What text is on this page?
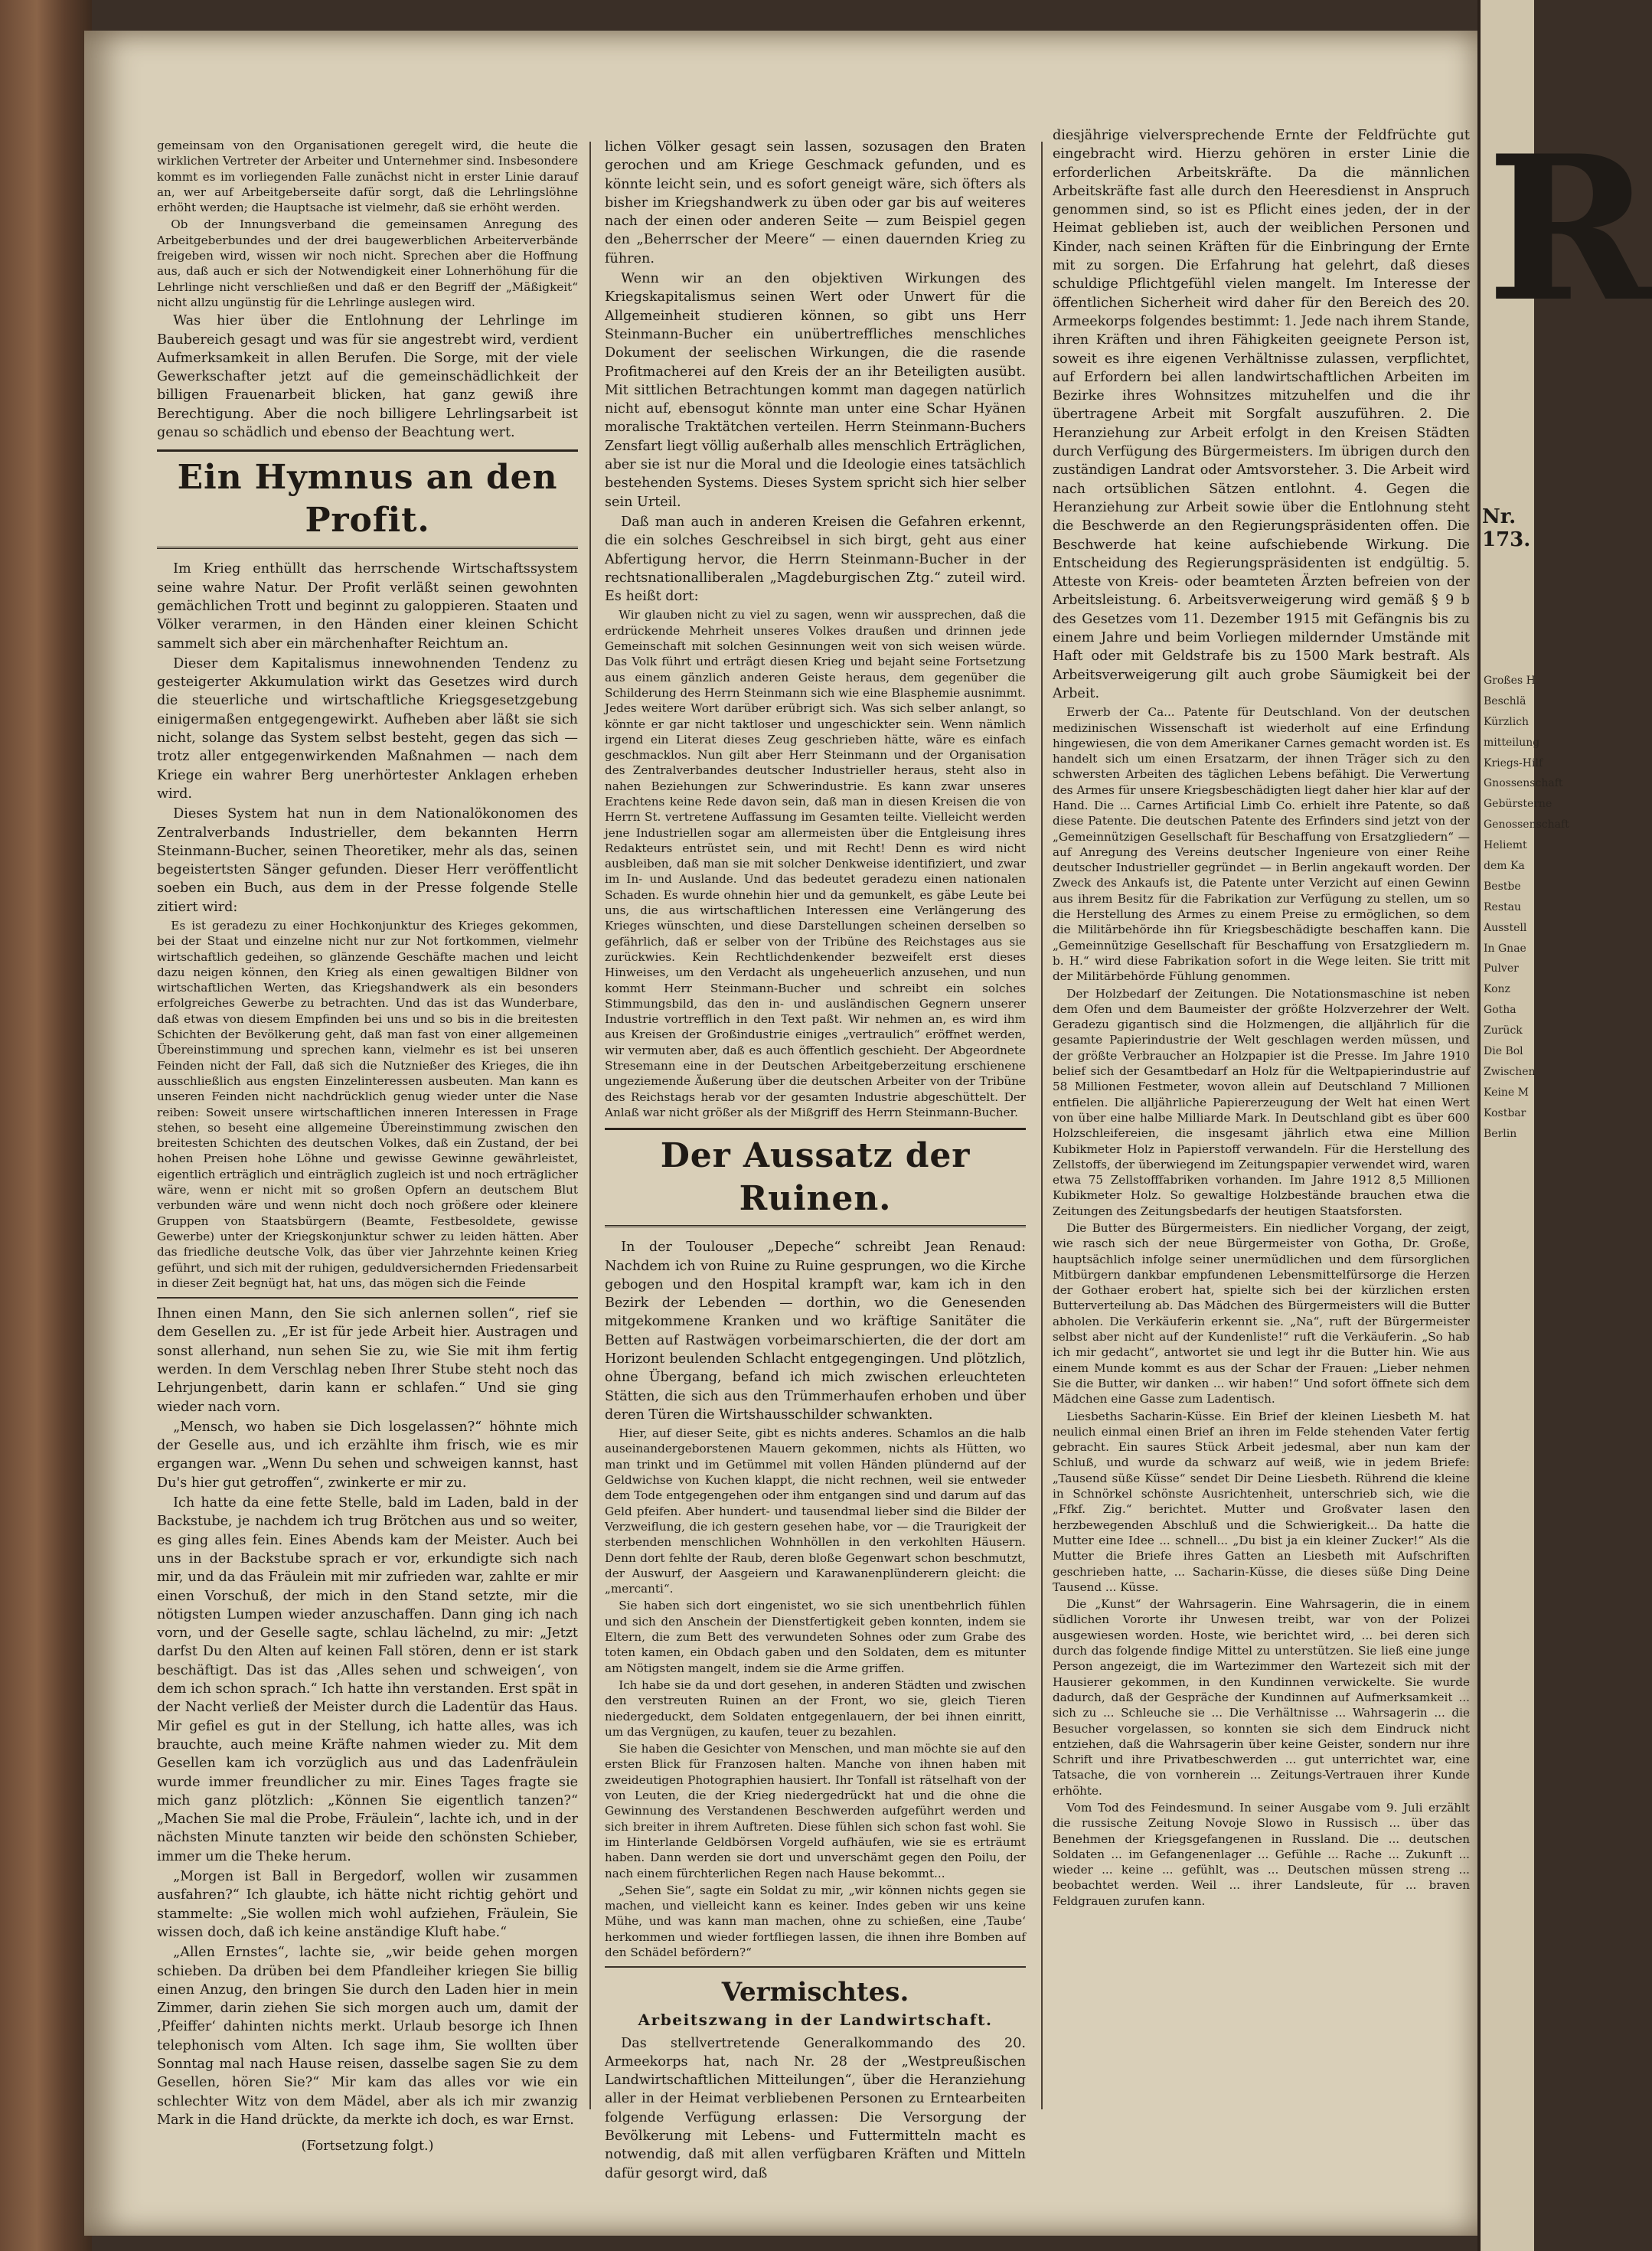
gemeinsam von den Organisationen geregelt wird, die heute die wirklichen Vertreter der Arbeiter und Unternehmer sind. Insbesondere kommt es im vorliegenden Falle zunächst nicht in erster Linie darauf an, wer auf Arbeitgeberseite dafür sorgt, daß die Lehrlingslöhne erhöht werden; die Hauptsache ist vielmehr, daß sie erhöht werden.

Ob der Innungsverband die gemeinsamen Anregung des Arbeitgeberbundes und der drei baugewerblichen Arbeiterverbände freigeben wird, wissen wir noch nicht. Sprechen aber die Hoffnung aus, daß auch er sich der Notwendigkeit einer Lohnerhöhung für die Lehrlinge nicht verschließen und daß er den Begriff der „Mäßigkeit“ nicht allzu ungünstig für die Lehrlinge auslegen wird.

Was hier über die Entlohnung der Lehrlinge im Baubereich gesagt und was für sie angestrebt wird, verdient Aufmerksamkeit in allen Berufen. Die Sorge, mit der viele Gewerkschafter jetzt auf die gemeinschädlichkeit der billigen Frauenarbeit blicken, hat ganz gewiß ihre Berechtigung. Aber die noch billigere Lehrlingsarbeit ist genau so schädlich und ebenso der Beachtung wert.

Ein Hymnus an den Profit.

Im Krieg enthüllt das herrschende Wirtschaftssystem seine wahre Natur. Der Profit verläßt seinen gewohnten gemächlichen Trott und beginnt zu galoppieren. Staaten und Völker verarmen, in den Händen einer kleinen Schicht sammelt sich aber ein märchenhafter Reichtum an.

Dieser dem Kapitalismus innewohnenden Tendenz zu gesteigerter Akkumulation wirkt das Gesetzes wird durch die steuerliche und wirtschaftliche Kriegsgesetzgebung einigermaßen entgegengewirkt. Aufheben aber läßt sie sich nicht, solange das System selbst besteht, gegen das sich — trotz aller entgegenwirkenden Maßnahmen — nach dem Kriege ein wahrer Berg unerhörtester Anklagen erheben wird.

Dieses System hat nun in dem Nationalökonomen des Zentralverbands Industrieller, dem bekannten Herrn Steinmann-Bucher, seinen Theoretiker, mehr als das, seinen begeistertsten Sänger gefunden. Dieser Herr veröffentlicht soeben ein Buch, aus dem in der Presse folgende Stelle zitiert wird:

Es ist geradezu zu einer Hochkonjunktur des Krieges gekommen, bei der Staat und einzelne nicht nur zur Not fortkommen, vielmehr wirtschaftlich gedeihen, so glänzende Geschäfte machen und leicht dazu neigen können, den Krieg als einen gewaltigen Bildner von wirtschaftlichen Werten, das Kriegshandwerk als ein besonders erfolgreiches Gewerbe zu betrachten. Und das ist das Wunderbare, daß etwas von diesem Empfinden bei uns und so bis in die breitesten Schichten der Bevölkerung geht, daß man fast von einer allgemeinen Übereinstimmung und sprechen kann, vielmehr es ist bei unseren Feinden nicht der Fall, daß sich die Nutznießer des Krieges, die ihn ausschließlich aus engsten Einzelinteressen ausbeuten. Man kann es unseren Feinden nicht nachdrücklich genug wieder unter die Nase reiben: Soweit unsere wirtschaftlichen inneren Interessen in Frage stehen, so beseht eine allgemeine Übereinstimmung zwischen den breitesten Schichten des deutschen Volkes, daß ein Zustand, der bei hohen Preisen hohe Löhne und gewisse Gewinne gewährleistet, eigentlich erträglich und einträglich zugleich ist und noch erträglicher wäre, wenn er nicht mit so großen Opfern an deutschem Blut verbunden wäre und wenn nicht doch noch größere oder kleinere Gruppen von Staatsbürgern (Beamte, Festbesoldete, gewisse Gewerbe) unter der Kriegskonjunktur schwer zu leiden hätten. Aber das friedliche deutsche Volk, das über vier Jahrzehnte keinen Krieg geführt, und sich mit der ruhigen, geduldversichernden Friedensarbeit in dieser Zeit begnügt hat, hat uns, das mögen sich die Feinde

Ihnen einen Mann, den Sie sich anlernen sollen“, rief sie dem Gesellen zu. „Er ist für jede Arbeit hier. Austragen und sonst allerhand, nun sehen Sie zu, wie Sie mit ihm fertig werden. In dem Verschlag neben Ihrer Stube steht noch das Lehrjungenbett, darin kann er schlafen.“ Und sie ging wieder nach vorn.

„Mensch, wo haben sie Dich losgelassen?“ höhnte mich der Geselle aus, und ich erzählte ihm frisch, wie es mir ergangen war. „Wenn Du sehen und schweigen kannst, hast Du's hier gut getroffen“, zwinkerte er mir zu.

Ich hatte da eine fette Stelle, bald im Laden, bald in der Backstube, je nachdem ich trug Brötchen aus und so weiter, es ging alles fein. Eines Abends kam der Meister. Auch bei uns in der Backstube sprach er vor, erkundigte sich nach mir, und da das Fräulein mit mir zufrieden war, zahlte er mir einen Vorschuß, der mich in den Stand setzte, mir die nötigsten Lumpen wieder anzuschaffen. Dann ging ich nach vorn, und der Geselle sagte, schlau lächelnd, zu mir: „Jetzt darfst Du den Alten auf keinen Fall stören, denn er ist stark beschäftigt. Das ist das ‚Alles sehen und schweigen‘, von dem ich schon sprach.“ Ich hatte ihn verstanden. Erst spät in der Nacht verließ der Meister durch die Ladentür das Haus. Mir gefiel es gut in der Stellung, ich hatte alles, was ich brauchte, auch meine Kräfte nahmen wieder zu. Mit dem Gesellen kam ich vorzüglich aus und das Ladenfräulein wurde immer freundlicher zu mir. Eines Tages fragte sie mich ganz plötzlich: „Können Sie eigentlich tanzen?“ „Machen Sie mal die Probe, Fräulein“, lachte ich, und in der nächsten Minute tanzten wir beide den schönsten Schieber, immer um die Theke herum.

„Morgen ist Ball in Bergedorf, wollen wir zusammen ausfahren?“ Ich glaubte, ich hätte nicht richtig gehört und stammelte: „Sie wollen mich wohl aufziehen, Fräulein, Sie wissen doch, daß ich keine anständige Kluft habe.“

„Allen Ernstes“, lachte sie, „wir beide gehen morgen schieben. Da drüben bei dem Pfandleiher kriegen Sie billig einen Anzug, den bringen Sie durch den Laden hier in mein Zimmer, darin ziehen Sie sich morgen auch um, damit der ‚Pfeiffer‘ dahinten nichts merkt. Urlaub besorge ich Ihnen telephonisch vom Alten. Ich sage ihm, Sie wollten über Sonntag mal nach Hause reisen, dasselbe sagen Sie zu dem Gesellen, hören Sie?“ Mir kam das alles vor wie ein schlechter Witz von dem Mädel, aber als ich mir zwanzig Mark in die Hand drückte, da merkte ich doch, es war Ernst.

(Fortsetzung folgt.)

lichen Völker gesagt sein lassen, sozusagen den Braten gerochen und am Kriege Geschmack gefunden, und es könnte leicht sein, und es sofort geneigt wäre, sich öfters als bisher im Kriegshandwerk zu üben oder gar bis auf weiteres nach der einen oder anderen Seite — zum Beispiel gegen den „Beherrscher der Meere“ — einen dauernden Krieg zu führen.

Wenn wir an den objektiven Wirkungen des Kriegskapitalismus seinen Wert oder Unwert für die Allgemeinheit studieren können, so gibt uns Herr Steinmann-Bucher ein unübertreffliches menschliches Dokument der seelischen Wirkungen, die die rasende Profitmacherei auf den Kreis der an ihr Beteiligten ausübt. Mit sittlichen Betrachtungen kommt man dagegen natürlich nicht auf, ebensogut könnte man unter eine Schar Hyänen moralische Traktätchen verteilen. Herrn Steinmann-Buchers Zensfart liegt völlig außerhalb alles menschlich Erträglichen, aber sie ist nur die Moral und die Ideologie eines tatsächlich bestehenden Systems. Dieses System spricht sich hier selber sein Urteil.

Daß man auch in anderen Kreisen die Gefahren erkennt, die ein solches Geschreibsel in sich birgt, geht aus einer Abfertigung hervor, die Herrn Steinmann-Bucher in der rechtsnationalliberalen „Magdeburgischen Ztg.“ zuteil wird. Es heißt dort:

Wir glauben nicht zu viel zu sagen, wenn wir aussprechen, daß die erdrückende Mehrheit unseres Volkes draußen und drinnen jede Gemeinschaft mit solchen Gesinnungen weit von sich weisen würde. Das Volk führt und erträgt diesen Krieg und bejaht seine Fortsetzung aus einem gänzlich anderen Geiste heraus, dem gegenüber die Schilderung des Herrn Steinmann sich wie eine Blasphemie ausnimmt. Jedes weitere Wort darüber erübrigt sich. Was sich selber anlangt, so könnte er gar nicht taktloser und ungeschickter sein. Wenn nämlich irgend ein Literat dieses Zeug geschrieben hätte, wäre es einfach geschmacklos. Nun gilt aber Herr Steinmann und der Organisation des Zentralverbandes deutscher Industrieller heraus, steht also in nahen Beziehungen zur Schwerindustrie. Es kann zwar unseres Erachtens keine Rede davon sein, daß man in diesen Kreisen die von Herrn St. vertretene Auffassung im Gesamten teilte. Vielleicht werden jene Industriellen sogar am allermeisten über die Entgleisung ihres Redakteurs entrüstet sein, und mit Recht! Denn es wird nicht ausbleiben, daß man sie mit solcher Denkweise identifiziert, und zwar im In- und Auslande. Und das bedeutet geradezu einen nationalen Schaden. Es wurde ohnehin hier und da gemunkelt, es gäbe Leute bei uns, die aus wirtschaftlichen Interessen eine Verlängerung des Krieges wünschten, und diese Darstellungen scheinen derselben so gefährlich, daß er selber von der Tribüne des Reichstages aus sie zurückwies. Kein Rechtlichdenkender bezweifelt erst dieses Hinweises, um den Verdacht als ungeheuerlich anzusehen, und nun kommt Herr Steinmann-Bucher und schreibt ein solches Stimmungsbild, das den in- und ausländischen Gegnern unserer Industrie vortrefflich in den Text paßt. Wir nehmen an, es wird ihm aus Kreisen der Großindustrie einiges „vertraulich“ eröffnet werden, wir vermuten aber, daß es auch öffentlich geschieht. Der Abgeordnete Stresemann eine in der Deutschen Arbeitgeberzeitung erschienene ungeziemende Äußerung über die deutschen Arbeiter von der Tribüne des Reichstags herab vor der gesamten Industrie abgeschüttelt. Der Anlaß war nicht größer als der Mißgriff des Herrn Steinmann-Bucher.

Der Aussatz der Ruinen.

In der Toulouser „Depeche“ schreibt Jean Renaud: Nachdem ich von Ruine zu Ruine gesprungen, wo die Kirche gebogen und den Hospital krampft war, kam ich in den Bezirk der Lebenden — dorthin, wo die Genesenden mitgekommene Kranken und wo kräftige Sanitäter die Betten auf Rastwägen vorbeimarschierten, die der dort am Horizont beulenden Schlacht entgegengingen. Und plötzlich, ohne Übergang, befand ich mich zwischen erleuchteten Stätten, die sich aus den Trümmerhaufen erhoben und über deren Türen die Wirtshausschilder schwankten.

Hier, auf dieser Seite, gibt es nichts anderes. Schamlos an die halb auseinandergeborstenen Mauern gekommen, nichts als Hütten, wo man trinkt und im Getümmel mit vollen Händen plündernd auf der Geldwichse von Kuchen klappt, die nicht rechnen, weil sie entweder dem Tode entgegengehen oder ihm entgangen sind und darum auf das Geld pfeifen. Aber hundert- und tausendmal lieber sind die Bilder der Verzweiflung, die ich gestern gesehen habe, vor — die Traurigkeit der sterbenden menschlichen Wohnhöllen in den verkohlten Häusern. Denn dort fehlte der Raub, deren bloße Gegenwart schon beschmutzt, der Auswurf, der Aasgeiern und Karawanenplünderern gleicht: die „mercanti“.

Sie haben sich dort eingenistet, wo sie sich unentbehrlich fühlen und sich den Anschein der Dienstfertigkeit geben konnten, indem sie Eltern, die zum Bett des verwundeten Sohnes oder zum Grabe des toten kamen, ein Obdach gaben und den Soldaten, dem es mitunter am Nötigsten mangelt, indem sie die Arme griffen.

Ich habe sie da und dort gesehen, in anderen Städten und zwischen den verstreuten Ruinen an der Front, wo sie, gleich Tieren niedergeduckt, dem Soldaten entgegenlauern, der bei ihnen einritt, um das Vergnügen, zu kaufen, teuer zu bezahlen.

Sie haben die Gesichter von Menschen, und man möchte sie auf den ersten Blick für Franzosen halten. Manche von ihnen haben mit zweideutigen Photographien hausiert. Ihr Tonfall ist rätselhaft von der von Leuten, die der Krieg niedergedrückt hat und die ohne die Gewinnung des Verstandenen Beschwerden aufgeführt werden und sich breiter in ihrem Auftreten. Diese fühlen sich schon fast wohl. Sie im Hinterlande Geldbörsen Vorgeld aufhäufen, wie sie es erträumt haben. Dann werden sie dort und unverschämt gegen den Poilu, der nach einem fürchterlichen Regen nach Hause bekommt...

„Sehen Sie“, sagte ein Soldat zu mir, „wir können nichts gegen sie machen, und vielleicht kann es keiner. Indes geben wir uns keine Mühe, und was kann man machen, ohne zu schießen, eine ‚Taube‘ herkommen und wieder fortfliegen lassen, die ihnen ihre Bomben auf den Schädel befördern?“

Vermischtes.
Arbeitszwang in der Landwirtschaft.

Das stellvertretende Generalkommando des 20. Armeekorps hat, nach Nr. 28 der „Westpreußischen Landwirtschaftlichen Mitteilungen“, über die Heranziehung aller in der Heimat verbliebenen Personen zu Erntearbeiten folgende Verfügung erlassen: Die Versorgung der Bevölkerung mit Lebens- und Futtermitteln macht es notwendig, daß mit allen verfügbaren Kräften und Mitteln dafür gesorgt wird, daß

diesjährige vielversprechende Ernte der Feldfrüchte gut eingebracht wird. Hierzu gehören in erster Linie die erforderlichen Arbeitskräfte. Da die männlichen Arbeitskräfte fast alle durch den Heeresdienst in Anspruch genommen sind, so ist es Pflicht eines jeden, der in der Heimat geblieben ist, auch der weiblichen Personen und Kinder, nach seinen Kräften für die Einbringung der Ernte mit zu sorgen. Die Erfahrung hat gelehrt, daß dieses schuldige Pflichtgefühl vielen mangelt. Im Interesse der öffentlichen Sicherheit wird daher für den Bereich des 20. Armeekorps folgendes bestimmt: 1. Jede nach ihrem Stande, ihren Kräften und ihren Fähigkeiten geeignete Person ist, soweit es ihre eigenen Verhältnisse zulassen, verpflichtet, auf Erfordern bei allen landwirtschaftlichen Arbeiten im Bezirke ihres Wohnsitzes mitzuhelfen und die ihr übertragene Arbeit mit Sorgfalt auszuführen. 2. Die Heranziehung zur Arbeit erfolgt in den Kreisen Städten durch Verfügung des Bürgermeisters. Im übrigen durch den zuständigen Landrat oder Amtsvorsteher. 3. Die Arbeit wird nach ortsüblichen Sätzen entlohnt. 4. Gegen die Heranziehung zur Arbeit sowie über die Entlohnung steht die Beschwerde an den Regierungspräsidenten offen. Die Beschwerde hat keine aufschiebende Wirkung. Die Entscheidung des Regierungspräsidenten ist endgültig. 5. Atteste von Kreis- oder beamteten Ärzten befreien von der Arbeitsleistung. 6. Arbeitsverweigerung wird gemäß § 9 b des Gesetzes vom 11. Dezember 1915 mit Gefängnis bis zu einem Jahre und beim Vorliegen mildernder Umstände mit Haft oder mit Geldstrafe bis zu 1500 Mark bestraft. Als Arbeitsverweigerung gilt auch grobe Säumigkeit bei der Arbeit.

Erwerb der Ca... Patente für Deutschland. Von der deutschen medizinischen Wissenschaft ist wiederholt auf eine Erfindung hingewiesen, die von dem Amerikaner Carnes gemacht worden ist. Es handelt sich um einen Ersatzarm, der ihnen Träger sich zu den schwersten Arbeiten des täglichen Lebens befähigt. Die Verwertung des Armes für unsere Kriegsbeschädigten liegt daher hier klar auf der Hand. Die ... Carnes Artificial Limb Co. erhielt ihre Patente, so daß diese Patente. Die deutschen Patente des Erfinders sind jetzt von der „Gemeinnützigen Gesellschaft für Beschaffung von Ersatzgliedern“ — auf Anregung des Vereins deutscher Ingenieure von einer Reihe deutscher Industrieller gegründet — in Berlin angekauft worden. Der Zweck des Ankaufs ist, die Patente unter Verzicht auf einen Gewinn aus ihrem Besitz für die Fabrikation zur Verfügung zu stellen, um so die Herstellung des Armes zu einem Preise zu ermöglichen, so dem die Militärbehörde ihn für Kriegsbeschädigte beschaffen kann. Die „Gemeinnützige Gesellschaft für Beschaffung von Ersatzgliedern m. b. H.“ wird diese Fabrikation sofort in die Wege leiten. Sie tritt mit der Militärbehörde Fühlung genommen.

Der Holzbedarf der Zeitungen. Die Notationsmaschine ist neben dem Ofen und dem Baumeister der größte Holzverzehrer der Welt. Geradezu gigantisch sind die Holzmengen, die alljährlich für die gesamte Papierindustrie der Welt geschlagen werden müssen, und der größte Verbraucher an Holzpapier ist die Presse. Im Jahre 1910 belief sich der Gesamtbedarf an Holz für die Weltpapierindustrie auf 58 Millionen Festmeter, wovon allein auf Deutschland 7 Millionen entfielen. Die alljährliche Papiererzeugung der Welt hat einen Wert von über eine halbe Milliarde Mark. In Deutschland gibt es über 600 Holzschleifereien, die insgesamt jährlich etwa eine Million Kubikmeter Holz in Papierstoff verwandeln. Für die Herstellung des Zellstoffs, der überwiegend im Zeitungspapier verwendet wird, waren etwa 75 Zellstofffabriken vorhanden. Im Jahre 1912 8,5 Millionen Kubikmeter Holz. So gewaltige Holzbestände brauchen etwa die Zeitungen des Zeitungsbedarfs der heutigen Staatsforsten.

Die Butter des Bürgermeisters. Ein niedlicher Vorgang, der zeigt, wie rasch sich der neue Bürgermeister von Gotha, Dr. Große, hauptsächlich infolge seiner unermüdlichen und dem fürsorglichen Mitbürgern dankbar empfundenen Lebensmittelfürsorge die Herzen der Gothaer erobert hat, spielte sich bei der kürzlichen ersten Butterverteilung ab. Das Mädchen des Bürgermeisters will die Butter abholen. Die Verkäuferin erkennt sie. „Na“, ruft der Bürgermeister selbst aber nicht auf der Kundenliste!“ ruft die Verkäuferin. „So hab ich mir gedacht“, antwortet sie und legt ihr die Butter hin. Wie aus einem Munde kommt es aus der Schar der Frauen: „Lieber nehmen Sie die Butter, wir danken ... wir haben!“ Und sofort öffnete sich dem Mädchen eine Gasse zum Ladentisch.

Liesbeths Sacharin-Küsse. Ein Brief der kleinen Liesbeth M. hat neulich einmal einen Brief an ihren im Felde stehenden Vater fertig gebracht. Ein saures Stück Arbeit jedesmal, aber nun kam der Schluß, und wurde da schwarz auf weiß, wie in jedem Briefe: „Tausend süße Küsse“ sendet Dir Deine Liesbeth. Rührend die kleine in Schnörkel schönste Ausrichtenheit, unterschrieb sich, wie die „Ffkf. Zig.“ berichtet. Mutter und Großvater lasen den herzbewegenden Abschluß und die Schwierigkeit... Da hatte die Mutter eine Idee ... schnell... „Du bist ja ein kleiner Zucker!“ Als die Mutter die Briefe ihres Gatten an Liesbeth mit Aufschriften geschrieben hatte, ... Sacharin-Küsse, die dieses süße Ding Deine Tausend ... Küsse.

Die „Kunst“ der Wahrsagerin. Eine Wahrsagerin, die in einem südlichen Vororte ihr Unwesen treibt, war von der Polizei ausgewiesen worden. Hoste, wie berichtet wird, ... bei deren sich durch das folgende findige Mittel zu unterstützen. Sie ließ eine junge Person angezeigt, die im Wartezimmer den Wartezeit sich mit der Hausierer gekommen, in den Kundinnen verwickelte. Sie wurde dadurch, daß der Gespräche der Kundinnen auf Aufmerksamkeit ... sich zu ... Schleuche sie ... Die Verhältnisse ... Wahrsagerin ... die Besucher vorgelassen, so konnten sie sich dem Eindruck nicht entziehen, daß die Wahrsagerin über keine Geister, sondern nur ihre Schrift und ihre Privatbeschwerden ... gut unterrichtet war, eine Tatsache, die von vornherein ... Zeitungs-Vertrauen ihrer Kunde erhöhte.

Vom Tod des Feindesmund. In seiner Ausgabe vom 9. Juli erzählt die russische Zeitung Novoje Slowo in Russisch ... über das Benehmen der Kriegsgefangenen in Russland. Die ... deutschen Soldaten ... im Gefangenenlager ... Gefühle ... Rache ... Zukunft ... wieder ... keine ... gefühlt, was ... Deutschen müssen streng ... beobachtet werden. Weil ... ihrer Landsleute, für ... braven Feldgrauen zurufen kann.

R
Nr. 173.
Großes H
Beschlä
Kürzlich
mitteilung
Kriegs-Hilf
Gnossenschaft
Gebürsterne
Genossenschaft
Heliemt
dem Ka
Bestbe
Restau
Ausstell
In Gnae
Pulver
Konz
Gotha
Zurück
Die Bol
Zwischen
Keine M
Kostbar
Berlin
